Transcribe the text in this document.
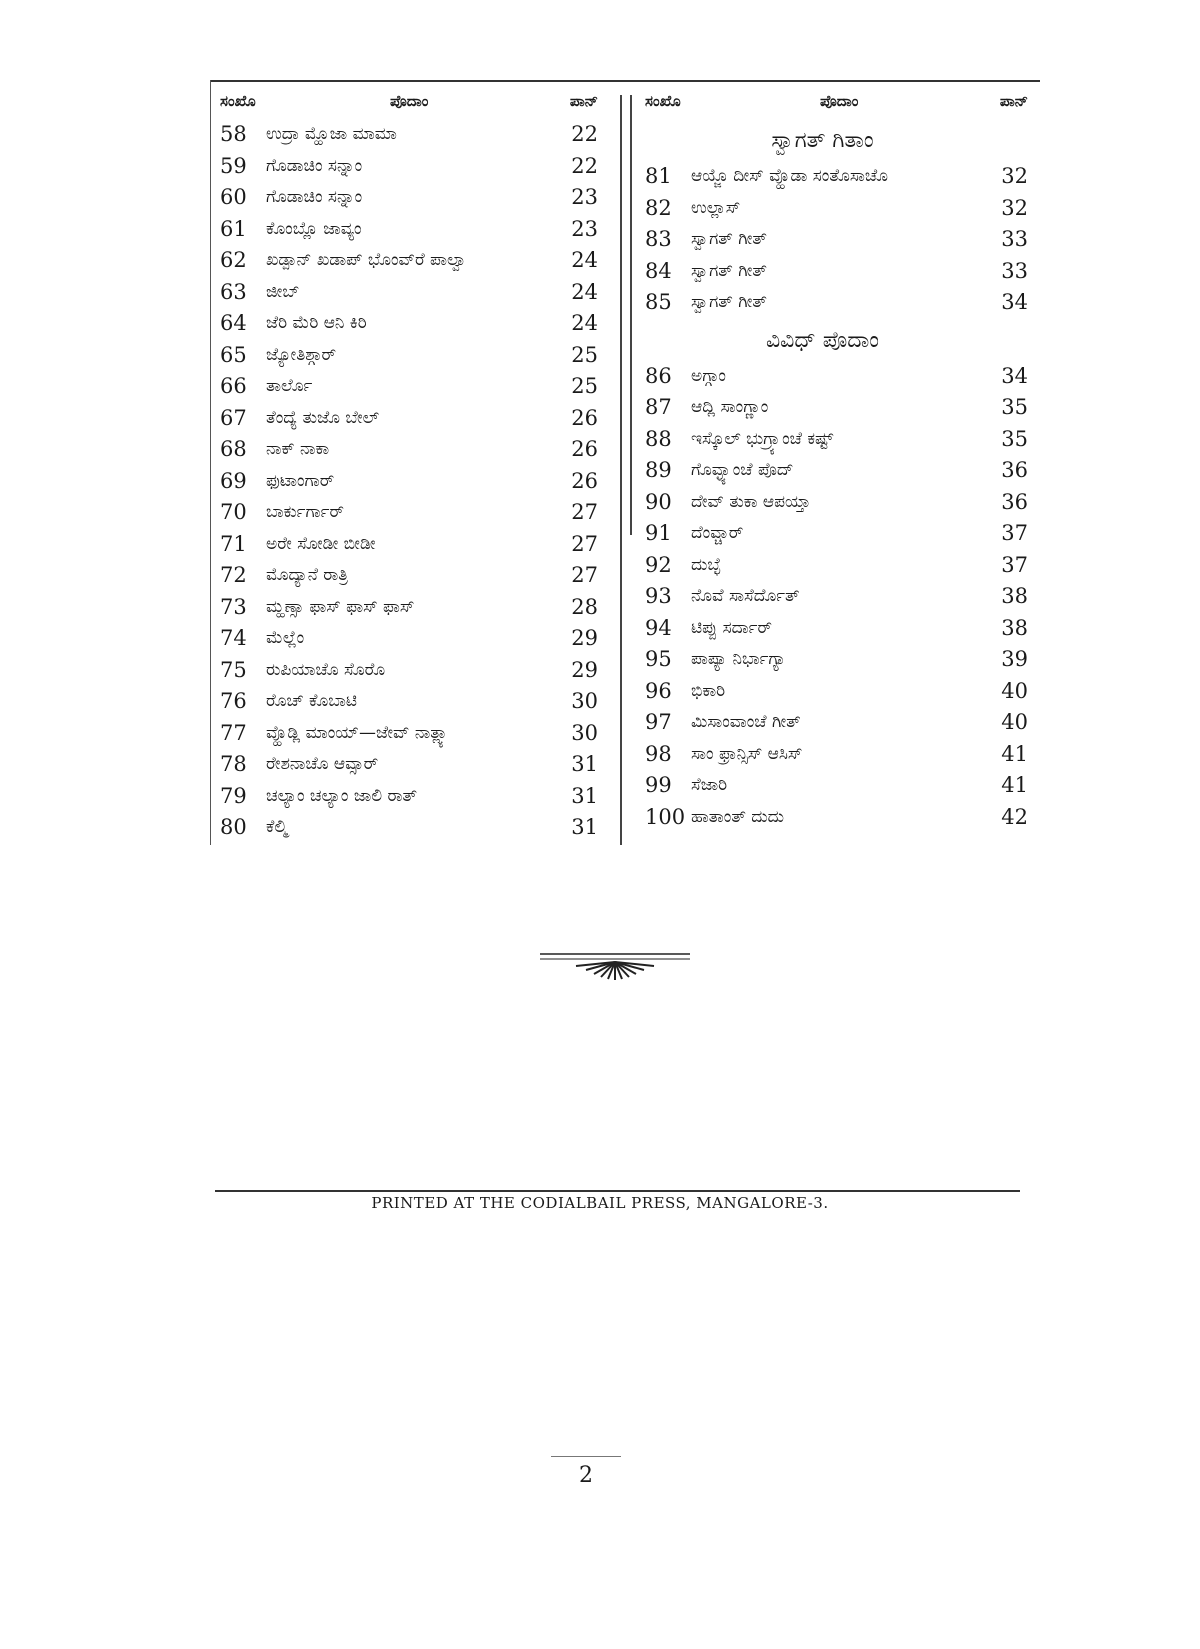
ಸಂಖೊ	ಪೊದಾಂ	ಪಾನ್
58	ಉದ್ರಾ ಮ್ಹೊಜಾ ಮಾಮಾ	22
59	ಗೊಡಾಚಿಂ ಸನ್ನಾಂ	22
60	ಗೊಡಾಚಿಂ ಸನ್ನಾಂ	23
61	ಕೊಂಬ್ಲೊ ಜಾವ್ಯಂ	23
62	ಖಡ್ಪಾನ್ ಖಡಾಪ್ ಭೊಂವ್‌ರೆ ಪಾಲ್ವಾ	24
63	ಜೀಬ್	24
64	ಜೆರಿ ಮೆರಿ ಆನಿ ಕಿರಿ	24
65	ಜ್ಯೋತಿಶ್ಗಾರ್	25
66	ತಾರ್ಲೊ	25
67	ತೆಂದ್ಯೆ ತುಜೊ ಬೇಲ್	26
68	ನಾಕ್ ನಾಕಾ	26
69	ಫುಟಾಂಗಾರ್	26
70	ಬಾರ್ಕುರ್ಗಾರ್	27
71	ಅರೇ ಸೋಡೀ ಬೀಡೀ	27
72	ಮೊದ್ಯಾನೆ ರಾತ್ರಿ	27
73	ಮ್ಹಣ್ಸಾ ಫಾಸ್ ಫಾಸ್ ಫಾಸ್	28
74	ಮೆಲ್ಲೆಂ	29
75	ರುಪಿಯಾಚೊ ಸೊರೊ	29
76	ರೊಚ್ ಕೊಬಾಟಿ	30
77	ವ್ಹೊಡ್ಲಿ ಮಾಂಯ್—ಜೇವ್ ನಾತ್ಲ್ಯಾ	30
78	ರೇಶನಾಚೊ ಆವ್ಸಾರ್	31
79	ಚಲ್ಯಾಂ ಚಲ್ಯಾಂ ಜಾಲಿ ರಾತ್	31
80	ಕೆಲ್ಮಿ	31
ಸಂಖೊ	ಪೊದಾಂ	ಪಾನ್
ಸ್ವಾಗತ್ ಗಿತಾಂ
81	ಆಯ್ಜೊ ದೀಸ್ ವ್ಹೊಡಾ ಸಂತೊಸಾಚೊ	32
82	ಉಲ್ಲಾಸ್	32
83	ಸ್ವಾಗತ್ ಗೀತ್	33
84	ಸ್ವಾಗತ್ ಗೀತ್	33
85	ಸ್ವಾಗತ್ ಗೀತ್	34
ವಿವಿಧ್ ಪೊದಾಂ
86	ಅಗ್ಗಾಂ	34
87	ಆದ್ಲಿ ಸಾಂಗ್ಣಾಂ	35
88	ಇಸ್ಕೊಲ್ ಭುಗ್ರ್ಯಾಂಚೆ ಕಷ್ಟ್	35
89	ಗೊವ್ಳ್ಯಾಂಚೆ ಪೊದ್	36
90	ದೇವ್ ತುಕಾ ಆಪಯ್ತಾ	36
91	ದೆಂವ್ಚಾರ್	37
92	ದುಬ್ಳೆ	37
93	ನೊವೆ ಸಾಸೆರ್ದೊತ್	38
94	ಟಿಪ್ಪು ಸರ್ದಾರ್	38
95	ಪಾಪ್ಯಾ ನಿರ್ಭಾಗ್ಯಾ	39
96	ಭಿಕಾರಿ	40
97	ಮಿಸಾಂವಾಂಚೆ ಗೀತ್	40
98	ಸಾಂ ಫ್ರಾನ್ಸಿಸ್ ಆಸಿಸ್	41
99	ಸೆಜಾರಿ	41
100 ಹಾತಾಂತ್ ದುದು	42
PRINTED AT THE CODIALBAIL PRESS, MANGALORE-3.
2
